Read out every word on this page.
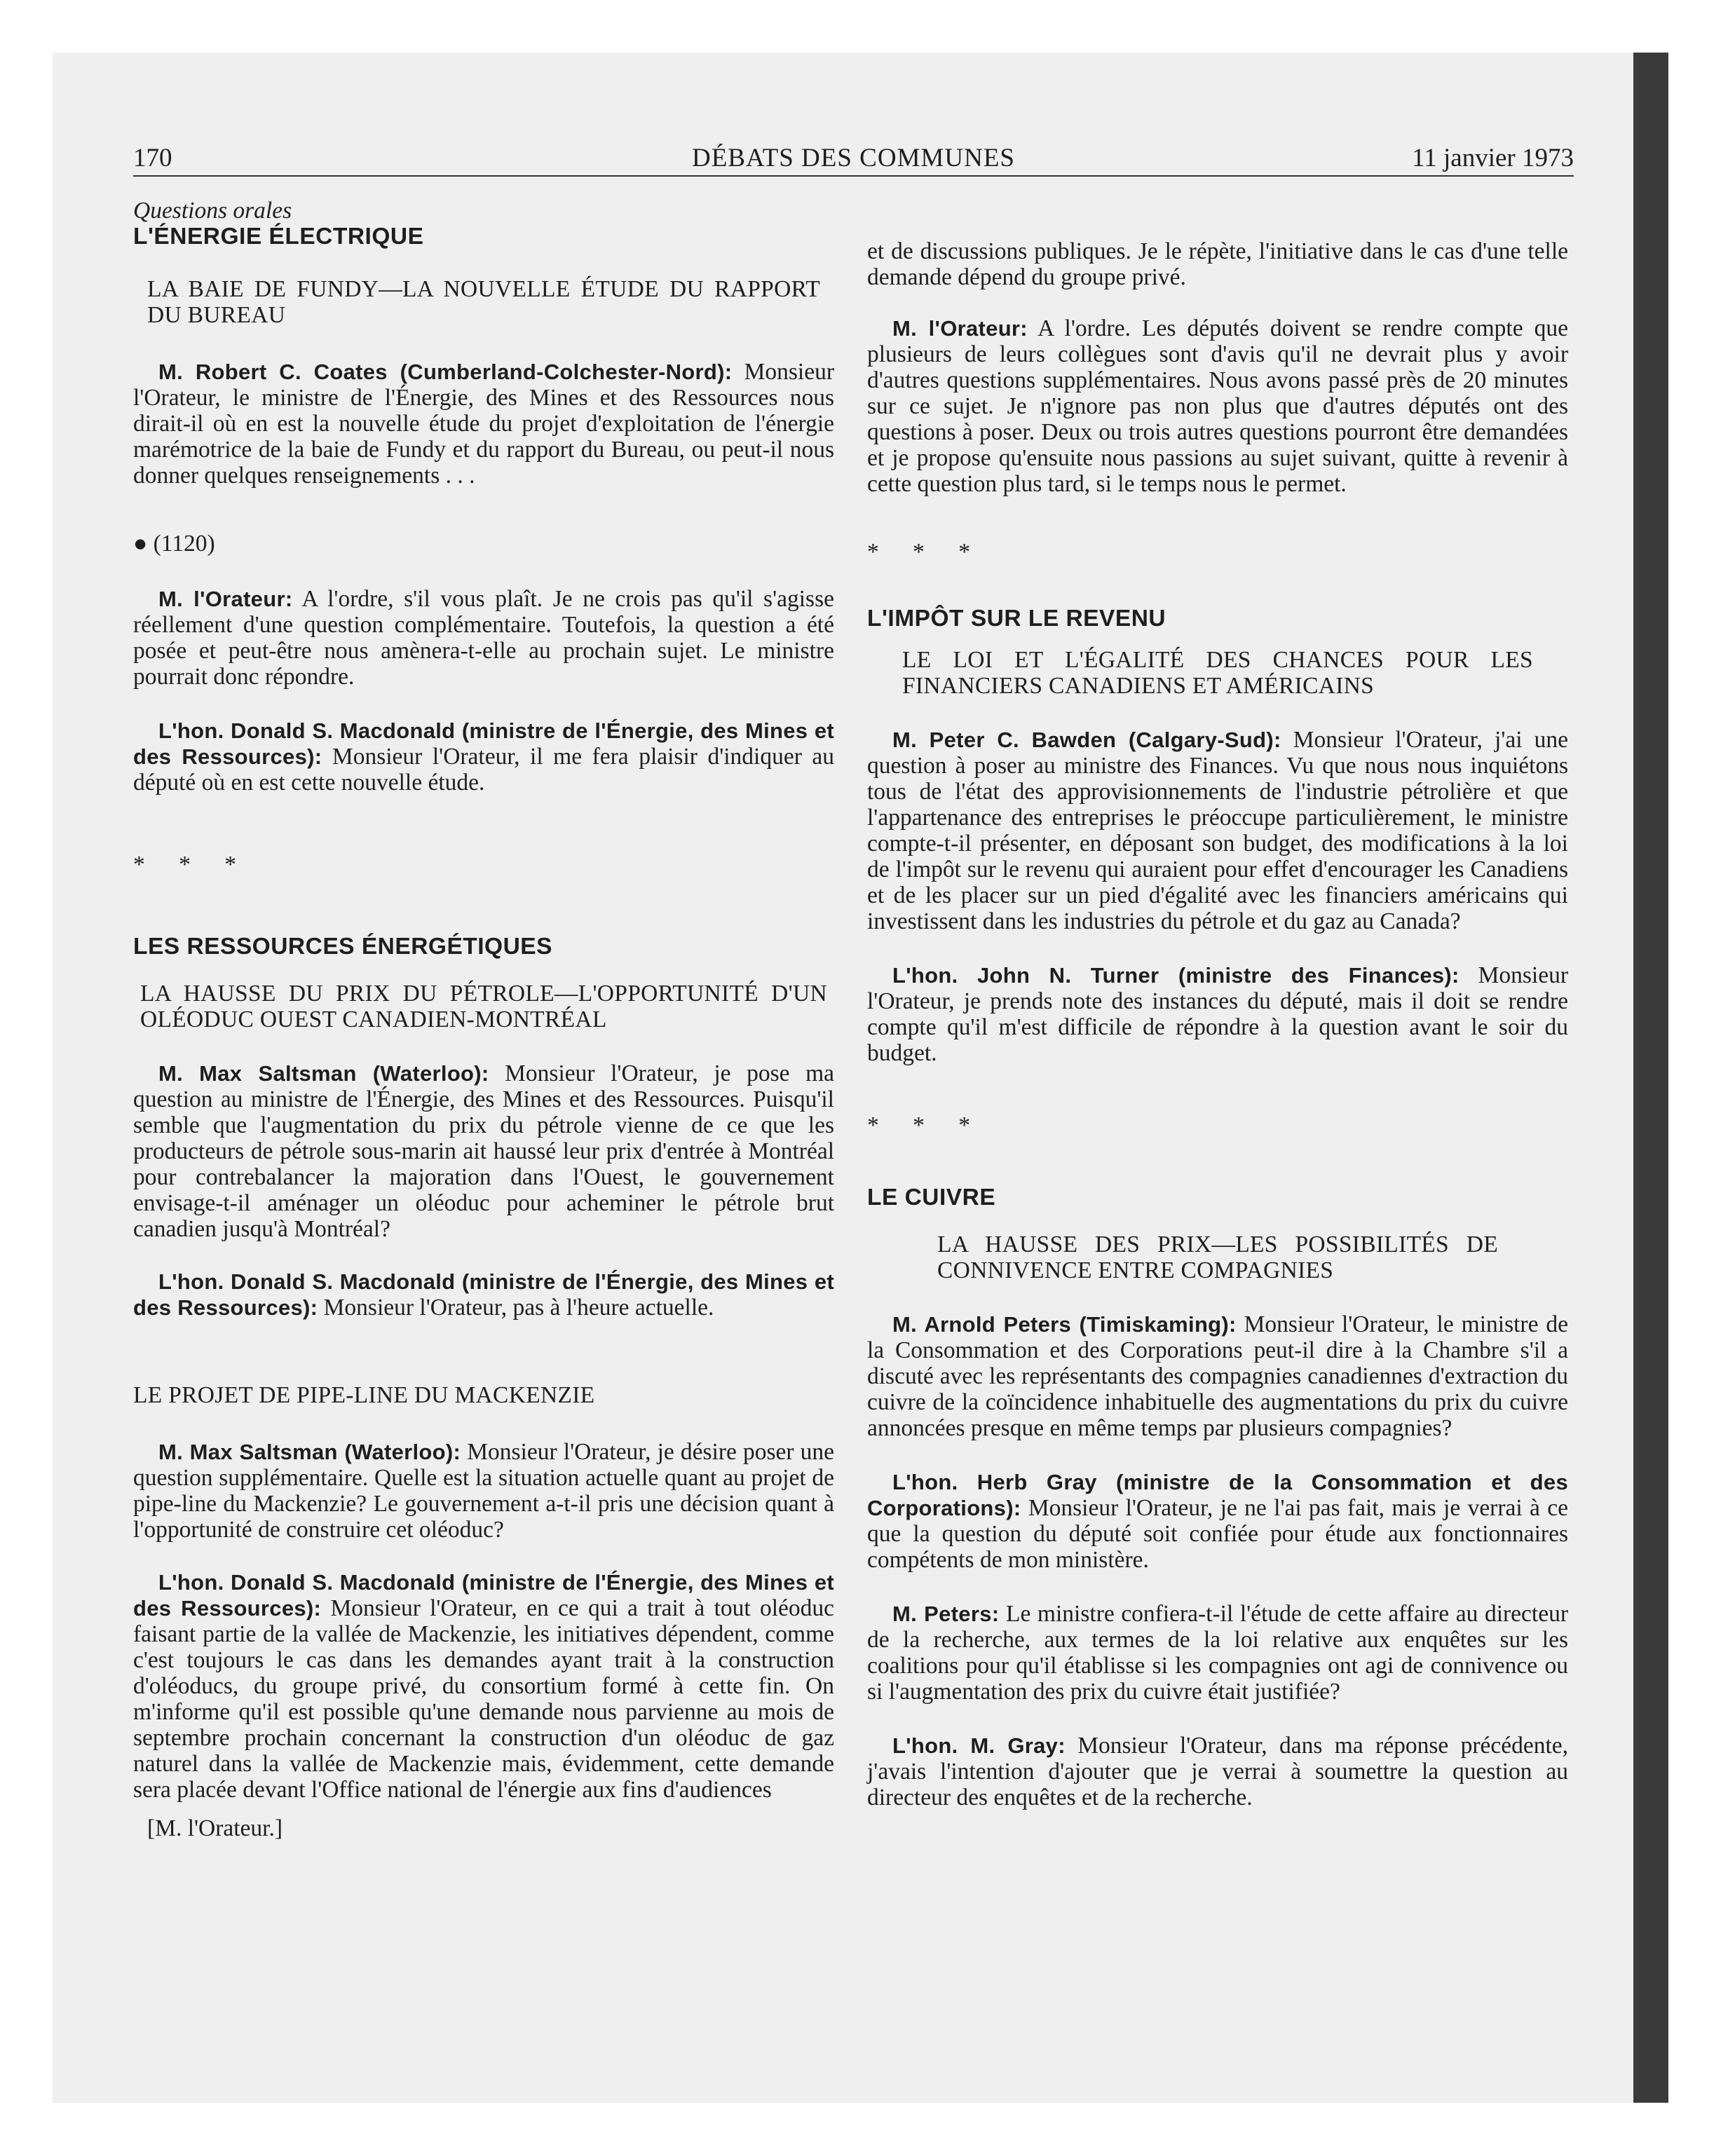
170	DÉBATS DES COMMUNES	11 janvier 1973

Questions orales

L'ÉNERGIE ÉLECTRIQUE

LA BAIE DE FUNDY—LA NOUVELLE ÉTUDE DU RAPPORT DU BUREAU

M. Robert C. Coates (Cumberland-Colchester-Nord): Monsieur l'Orateur, le ministre de l'Énergie, des Mines et des Ressources nous dirait-il où en est la nouvelle étude du projet d'exploitation de l'énergie marémotrice de la baie de Fundy et du rapport du Bureau, ou peut-il nous donner quelques renseignements . . .

● (1120)

M. l'Orateur: A l'ordre, s'il vous plaît. Je ne crois pas qu'il s'agisse réellement d'une question complémentaire. Toutefois, la question a été posée et peut-être nous amènera-t-elle au prochain sujet. Le ministre pourrait donc répondre.

L'hon. Donald S. Macdonald (ministre de l'Énergie, des Mines et des Ressources): Monsieur l'Orateur, il me fera plaisir d'indiquer au député où en est cette nouvelle étude.

* * *

LES RESSOURCES ÉNERGÉTIQUES

LA HAUSSE DU PRIX DU PÉTROLE—L'OPPORTUNITÉ D'UN OLÉODUC OUEST CANADIEN-MONTRÉAL

M. Max Saltsman (Waterloo): Monsieur l'Orateur, je pose ma question au ministre de l'Énergie, des Mines et des Ressources. Puisqu'il semble que l'augmentation du prix du pétrole vienne de ce que les producteurs de pétrole sous-marin ait haussé leur prix d'entrée à Montréal pour contrebalancer la majoration dans l'Ouest, le gouvernement envisage-t-il aménager un oléoduc pour acheminer le pétrole brut canadien jusqu'à Montréal?

L'hon. Donald S. Macdonald (ministre de l'Énergie, des Mines et des Ressources): Monsieur l'Orateur, pas à l'heure actuelle.

LE PROJET DE PIPE-LINE DU MACKENZIE

M. Max Saltsman (Waterloo): Monsieur l'Orateur, je désire poser une question supplémentaire. Quelle est la situation actuelle quant au projet de pipe-line du Mackenzie? Le gouvernement a-t-il pris une décision quant à l'opportunité de construire cet oléoduc?

L'hon. Donald S. Macdonald (ministre de l'Énergie, des Mines et des Ressources): Monsieur l'Orateur, en ce qui a trait à tout oléoduc faisant partie de la vallée de Mackenzie, les initiatives dépendent, comme c'est toujours le cas dans les demandes ayant trait à la construction d'oléoducs, du groupe privé, du consortium formé à cette fin. On m'informe qu'il est possible qu'une demande nous parvienne au mois de septembre prochain concernant la construction d'un oléoduc de gaz naturel dans la vallée de Mackenzie mais, évidemment, cette demande sera placée devant l'Office national de l'énergie aux fins d'audiences

[M. l'Orateur.]

et de discussions publiques. Je le répète, l'initiative dans le cas d'une telle demande dépend du groupe privé.

M. l'Orateur: A l'ordre. Les députés doivent se rendre compte que plusieurs de leurs collègues sont d'avis qu'il ne devrait plus y avoir d'autres questions supplémentaires. Nous avons passé près de 20 minutes sur ce sujet. Je n'ignore pas non plus que d'autres députés ont des questions à poser. Deux ou trois autres questions pourront être demandées et je propose qu'ensuite nous passions au sujet suivant, quitte à revenir à cette question plus tard, si le temps nous le permet.

* * *

L'IMPÔT SUR LE REVENU

LE LOI ET L'ÉGALITÉ DES CHANCES POUR LES FINANCIERS CANADIENS ET AMÉRICAINS

M. Peter C. Bawden (Calgary-Sud): Monsieur l'Orateur, j'ai une question à poser au ministre des Finances. Vu que nous nous inquiétons tous de l'état des approvisionnements de l'industrie pétrolière et que l'appartenance des entreprises le préoccupe particulièrement, le ministre compte-t-il présenter, en déposant son budget, des modifications à la loi de l'impôt sur le revenu qui auraient pour effet d'encourager les Canadiens et de les placer sur un pied d'égalité avec les financiers américains qui investissent dans les industries du pétrole et du gaz au Canada?

L'hon. John N. Turner (ministre des Finances): Monsieur l'Orateur, je prends note des instances du député, mais il doit se rendre compte qu'il m'est difficile de répondre à la question avant le soir du budget.

* * *

LE CUIVRE

LA HAUSSE DES PRIX—LES POSSIBILITÉS DE CONNIVENCE ENTRE COMPAGNIES

M. Arnold Peters (Timiskaming): Monsieur l'Orateur, le ministre de la Consommation et des Corporations peut-il dire à la Chambre s'il a discuté avec les représentants des compagnies canadiennes d'extraction du cuivre de la coïncidence inhabituelle des augmentations du prix du cuivre annoncées presque en même temps par plusieurs compagnies?

L'hon. Herb Gray (ministre de la Consommation et des Corporations): Monsieur l'Orateur, je ne l'ai pas fait, mais je verrai à ce que la question du député soit confiée pour étude aux fonctionnaires compétents de mon ministère.

M. Peters: Le ministre confiera-t-il l'étude de cette affaire au directeur de la recherche, aux termes de la loi relative aux enquêtes sur les coalitions pour qu'il établisse si les compagnies ont agi de connivence ou si l'augmentation des prix du cuivre était justifiée?

L'hon. M. Gray: Monsieur l'Orateur, dans ma réponse précédente, j'avais l'intention d'ajouter que je verrai à soumettre la question au directeur des enquêtes et de la recherche.
